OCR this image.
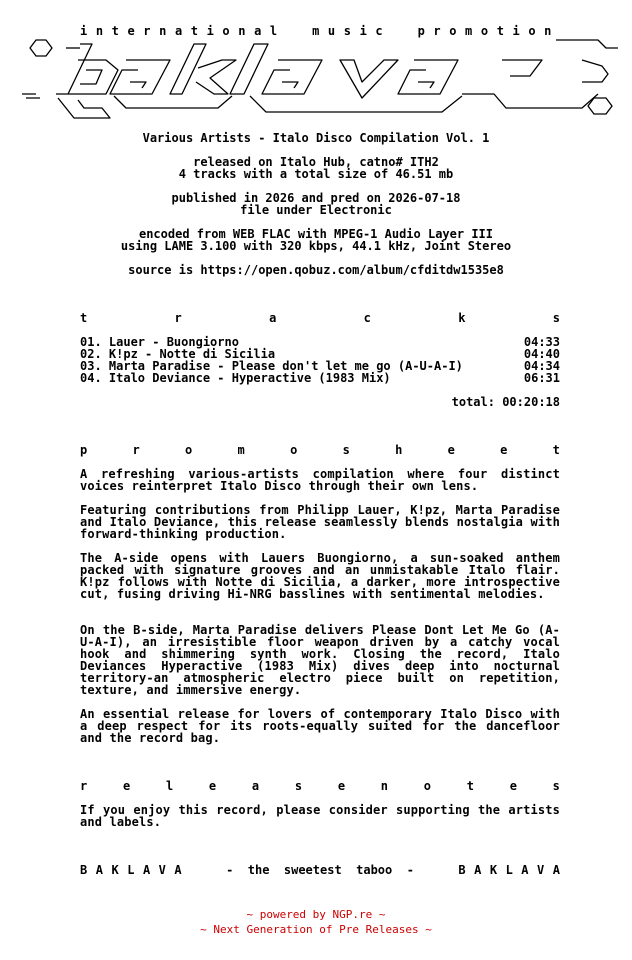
international music promotion
Various Artists - Italo Disco Compilation Vol. 1
released on Italo Hub, catno# ITH2
4 tracks with a total size of 46.51 mb
published in 2026 and pred on 2026-07-18
file under Electronic
encoded from WEB FLAC with MPEG-1 Audio Layer III
using LAME 3.100 with 320 kbps, 44.1 kHz, Joint Stereo
source is https://open.qobuz.com/album/cfditdw1535e8
t	r	a	c	k	s
01. Lauer - Buongiorno	04:33
02. K!pz - Notte di Sicilia	04:40
03. Marta Paradise - Please don't let me go (A-U-A-I)	04:34
04. Italo Deviance - Hyperactive (1983 Mix)	06:31
total: 00:20:18
p	r	o	m	o	s	h	e	e	t
A refreshing various-artists compilation where four distinct voices reinterpret Italo Disco through their own lens.
Featuring contributions from Philipp Lauer, K!pz, Marta Paradise and Italo Deviance, this release seamlessly blends nostalgia with forward-thinking production.
The A-side opens with Lauers Buongiorno, a sun-soaked anthem packed with signature grooves and an unmistakable Italo flair. K!pz follows with Notte di Sicilia, a darker, more introspective cut, fusing driving Hi-NRG basslines with sentimental melodies.
On the B-side, Marta Paradise delivers Please Dont Let Me Go (A-U-A-I), an irresistible floor weapon driven by a catchy vocal hook and shimmering synth work. Closing the record, Italo Deviances Hyperactive (1983 Mix) dives deep into nocturnal territory-an atmospheric electro piece built on repetition, texture, and immersive energy.
An essential release for lovers of contemporary Italo Disco with a deep respect for its roots-equally suited for the dancefloor and the record bag.
r	e	l	e	a	s	e	n	o	t	e	s
If you enjoy this record, please consider supporting the artists and labels.
B A K L A V A	-  the  sweetest  taboo  -	B A K L A V A
~ powered by NGP.re ~
~ Next Generation of Pre Releases ~
